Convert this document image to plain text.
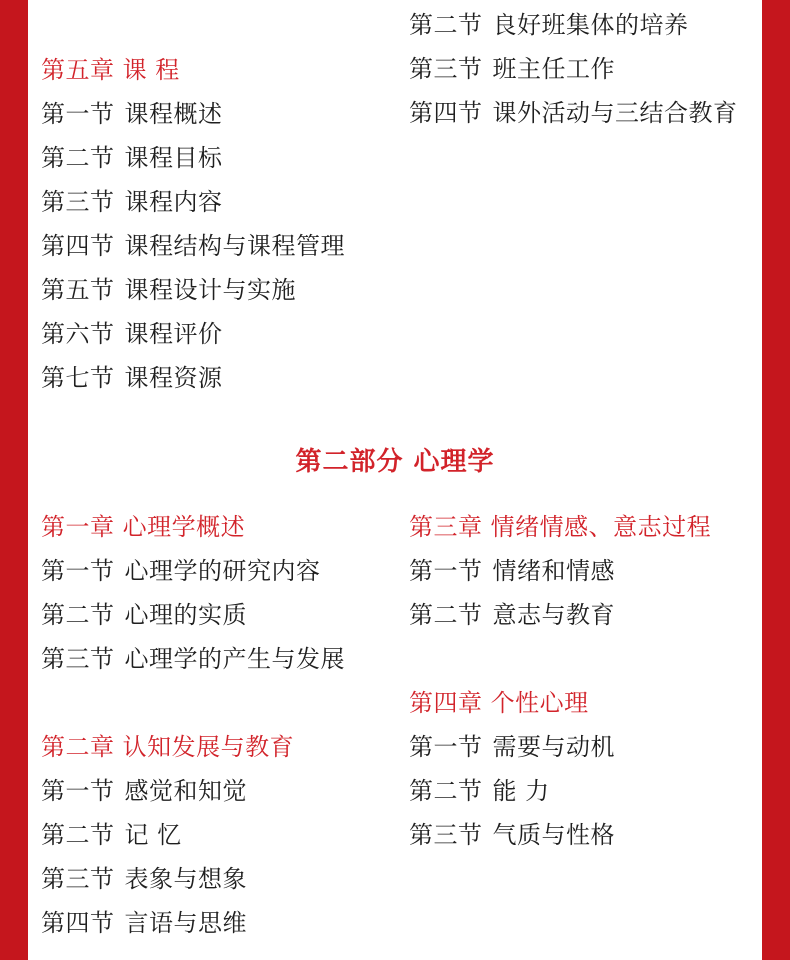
第二节 良好班集体的培养
第三节 班主任工作
第四节 课外活动与三结合教育
第五章 课 程
第一节 课程概述
第二节 课程目标
第三节 课程内容
第四节 课程结构与课程管理
第五节 课程设计与实施
第六节 课程评价
第七节 课程资源
第二部分 心理学
第一章 心理学概述
第一节 心理学的研究内容
第二节 心理的实质
第三节 心理学的产生与发展
第二章 认知发展与教育
第一节 感觉和知觉
第二节 记 忆
第三节 表象与想象
第四节 言语与思维
第三章 情绪情感、意志过程
第一节 情绪和情感
第二节 意志与教育
第四章 个性心理
第一节 需要与动机
第二节 能 力
第三节 气质与性格
